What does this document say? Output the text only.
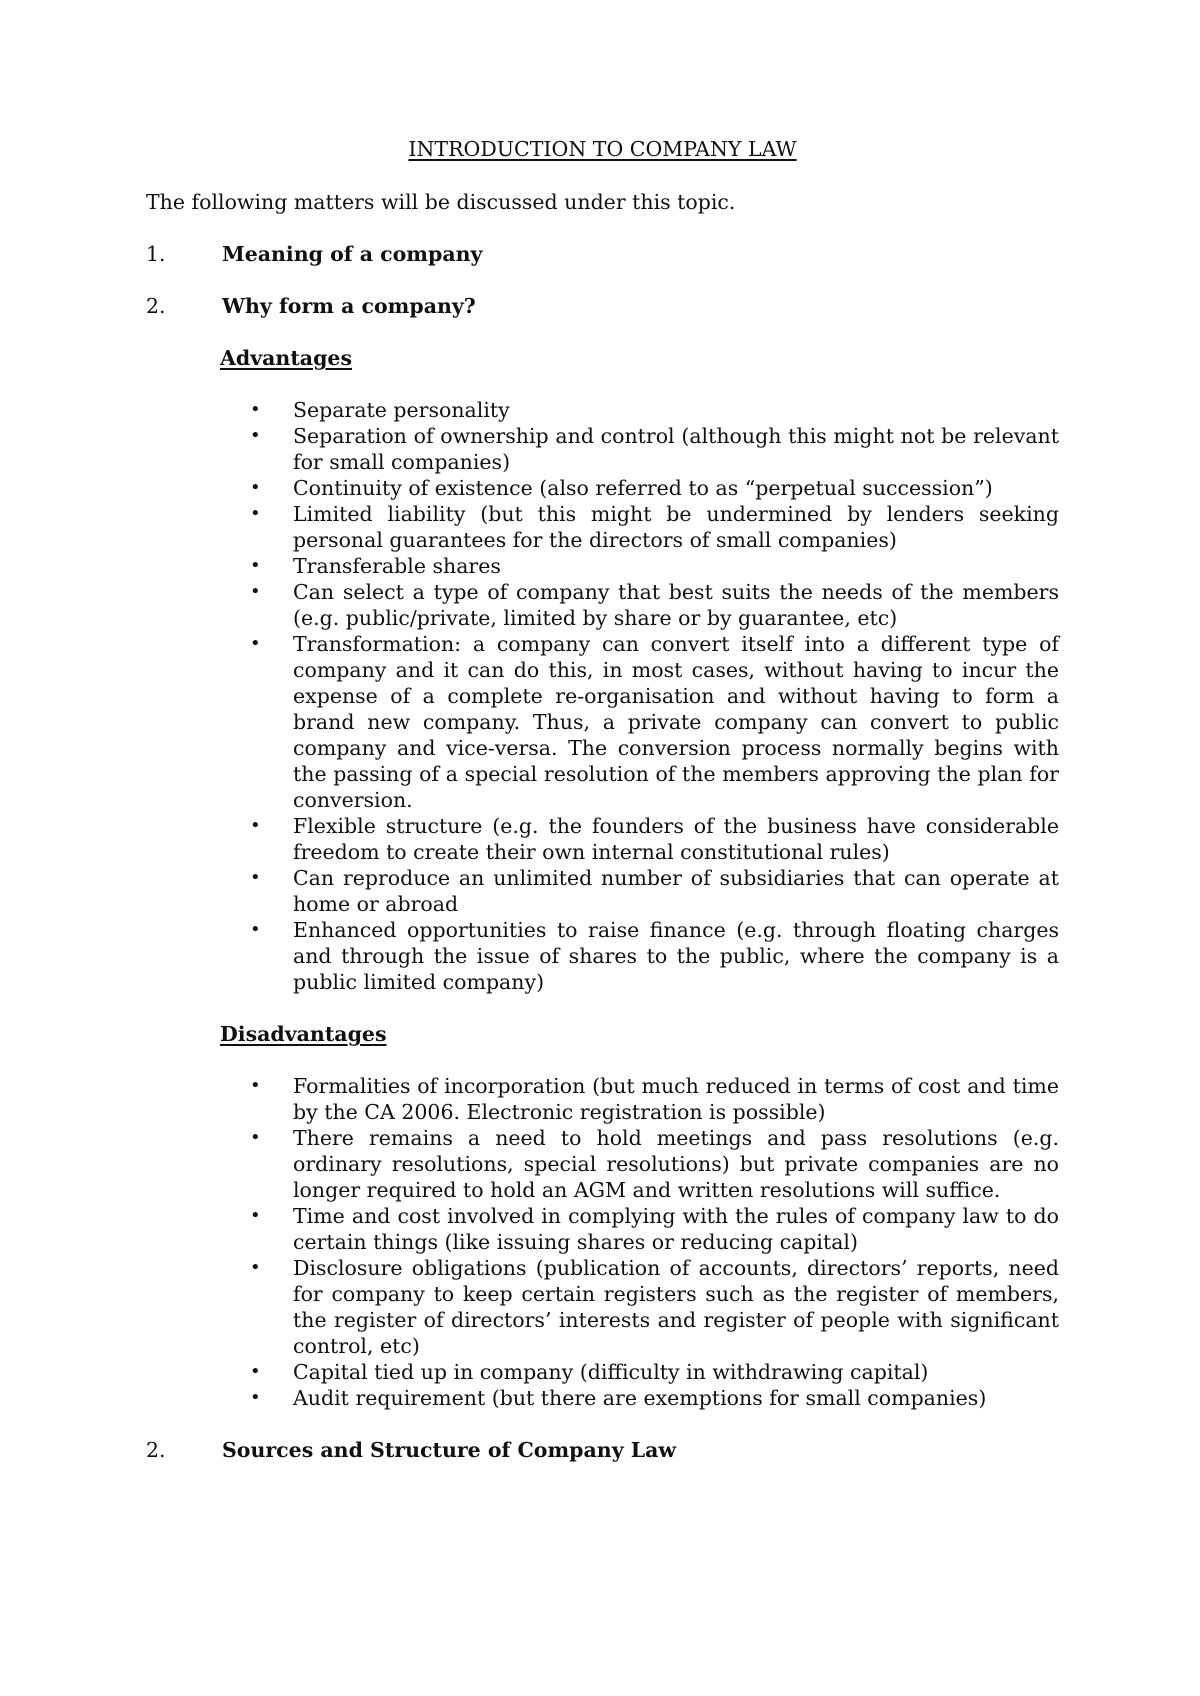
INTRODUCTION TO COMPANY LAW

The following matters will be discussed under this topic.

1.	Meaning of a company
2.	Why form a company?
Advantages
• Separate personality
• Separation of ownership and control (although this might not be relevant for small companies)
• Continuity of existence (also referred to as “perpetual succession”)
• Limited liability (but this might be undermined by lenders seeking personal guarantees for the directors of small companies)
• Transferable shares
• Can select a type of company that best suits the needs of the members (e.g. public/private, limited by share or by guarantee, etc)
• Transformation: a company can convert itself into a different type of company and it can do this, in most cases, without having to incur the expense of a complete re-organisation and without having to form a brand new company. Thus, a private company can convert to public company and vice-versa. The conversion process normally begins with the passing of a special resolution of the members approving the plan for conversion.
• Flexible structure (e.g. the founders of the business have considerable freedom to create their own internal constitutional rules)
• Can reproduce an unlimited number of subsidiaries that can operate at home or abroad
• Enhanced opportunities to raise finance (e.g. through floating charges and through the issue of shares to the public, where the company is a public limited company)
Disadvantages
• Formalities of incorporation (but much reduced in terms of cost and time by the CA 2006. Electronic registration is possible)
• There remains a need to hold meetings and pass resolutions (e.g. ordinary resolutions, special resolutions) but private companies are no longer required to hold an AGM and written resolutions will suffice.
• Time and cost involved in complying with the rules of company law to do certain things (like issuing shares or reducing capital)
• Disclosure obligations (publication of accounts, directors’ reports, need for company to keep certain registers such as the register of members, the register of directors’ interests and register of people with significant control, etc)
• Capital tied up in company (difficulty in withdrawing capital)
• Audit requirement (but there are exemptions for small companies)
2.	Sources and Structure of Company Law
